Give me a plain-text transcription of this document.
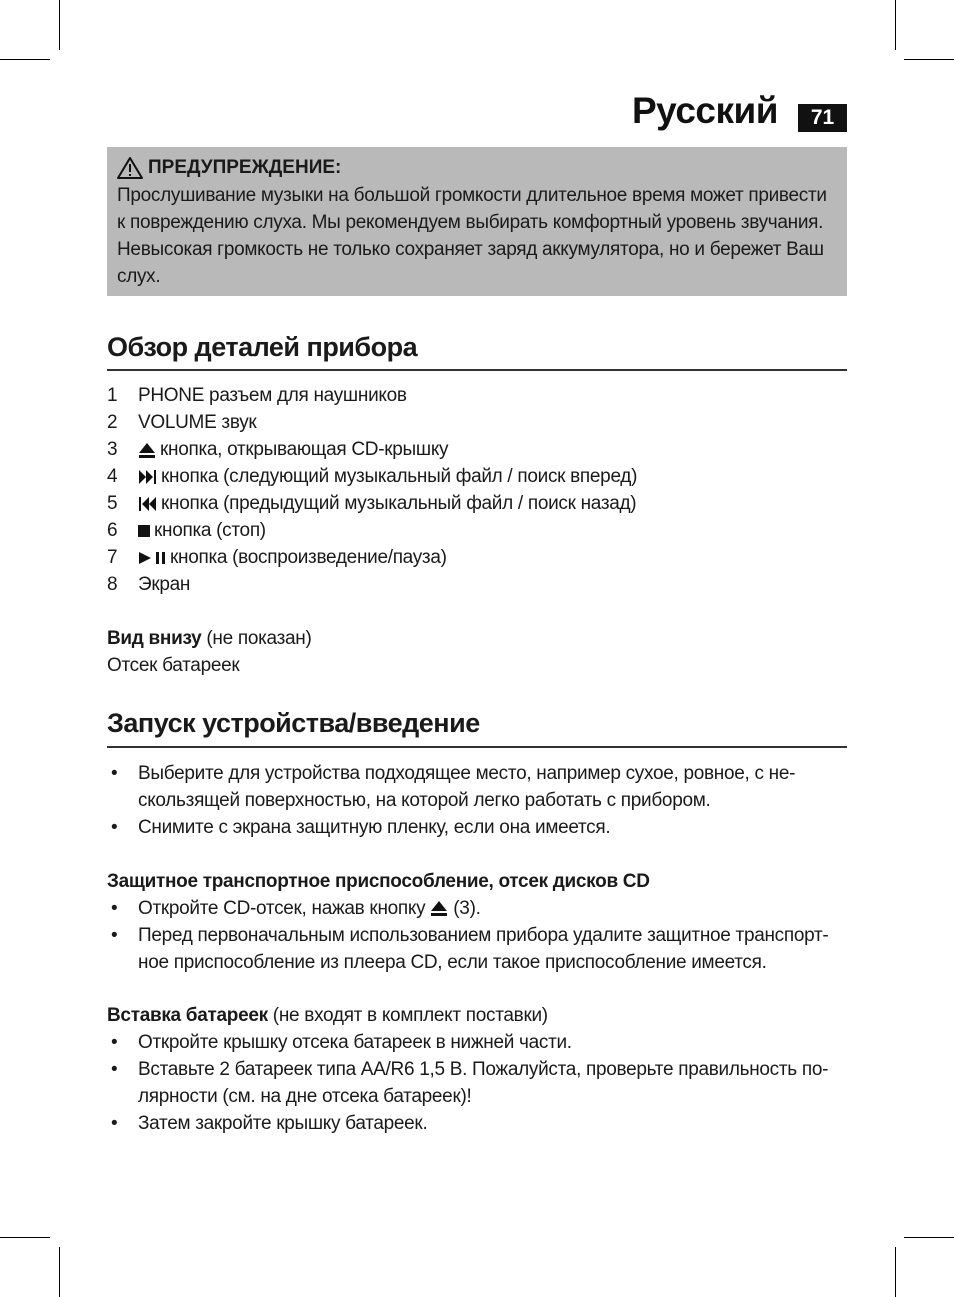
Русский	71
ПРЕДУПРЕЖДЕНИЕ:
Прослушивание музыки на большой громкости длительное время может привести
к повреждению слуха. Мы рекомендуем выбирать комфортный уровень звучания.
Невысокая громкость не только сохраняет заряд аккумулятора, но и бережет Ваш
слух.
Обзор деталей прибора
1	PHONE разъем для наушников
2	VOLUME звук
3	кнопка, открывающая CD-крышку
4	кнопка (следующий музыкальный файл / поиск вперед)
5	кнопка (предыдущий музыкальный файл / поиск назад)
6	кнопка (стоп)
7	кнопка (воспроизведение/пауза)
8	Экран
Вид внизу (не показан)
Отсек батареек
Запуск устройства/введение
•	Выберите для устройства подходящее место, например сухое, ровное, с не-
скользящей поверхностью, на которой легко работать с прибором.
•	Снимите с экрана защитную пленку, если она имеется.
Защитное транспортное приспособление, отсек дисков CD
•	Откройте CD-отсек, нажав кнопку  (3).
•	Перед первоначальным использованием прибора удалите защитное транспорт-
ное приспособление из плеера CD, если такое приспособление имеется.
Вставка батареек (не входят в комплект поставки)
•	Откройте крышку отсека батареек в нижней части.
•	Вставьте 2 батареек типа AA/R6 1,5 В. Пожалуйста, проверьте правильность по-
лярности (см. на дне отсека батареек)!
•	Затем закройте крышку батареек.
